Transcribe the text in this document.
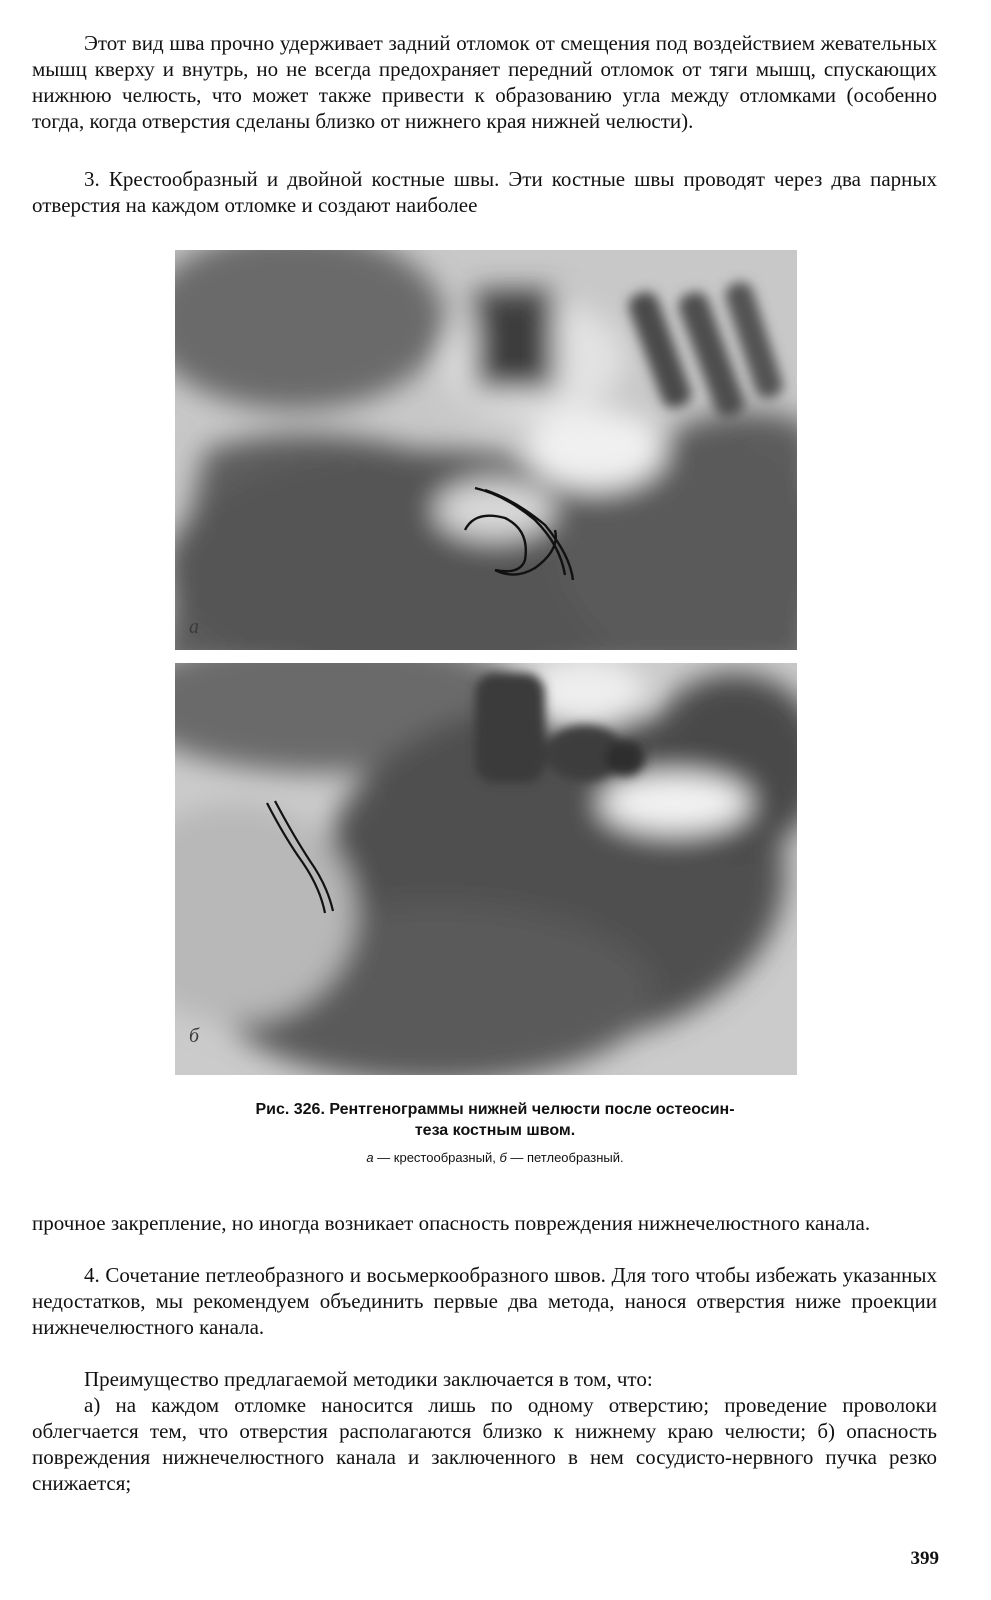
Этот вид шва прочно удерживает задний отломок от смещения под воздействием жевательных мышц кверху и внутрь, но не всегда предохраняет передний отломок от тяги мышц, спускающих нижнюю челюсть, что может также привести к образованию угла между отломками (особенно тогда, когда отверстия сделаны близко от нижнего края нижней челюсти).
3. Крестообразный и двойной костные швы. Эти костные швы проводят через два парных отверстия на каждом отломке и создают наиболее
а
б
Рис. 326. Рентгенограммы нижней челюсти после остеосин-
теза костным швом.
а — крестообразный, б — петлеобразный.
прочное закрепление, но иногда возникает опасность повреждения нижнечелюстного канала.
4. Сочетание петлеобразного и восьмеркообразного швов. Для того чтобы избежать указанных недостатков, мы рекомендуем объединить первые два метода, нанося отверстия ниже проекции нижнечелюстного канала.
Преимущество предлагаемой методики заключается в том, что:
а) на каждом отломке наносится лишь по одному отверстию; проведение проволоки облегчается тем, что отверстия располагаются близко к нижнему краю челюсти; б) опасность повреждения нижнечелюстного канала и заключенного в нем сосудисто-нервного пучка резко снижается;
399
